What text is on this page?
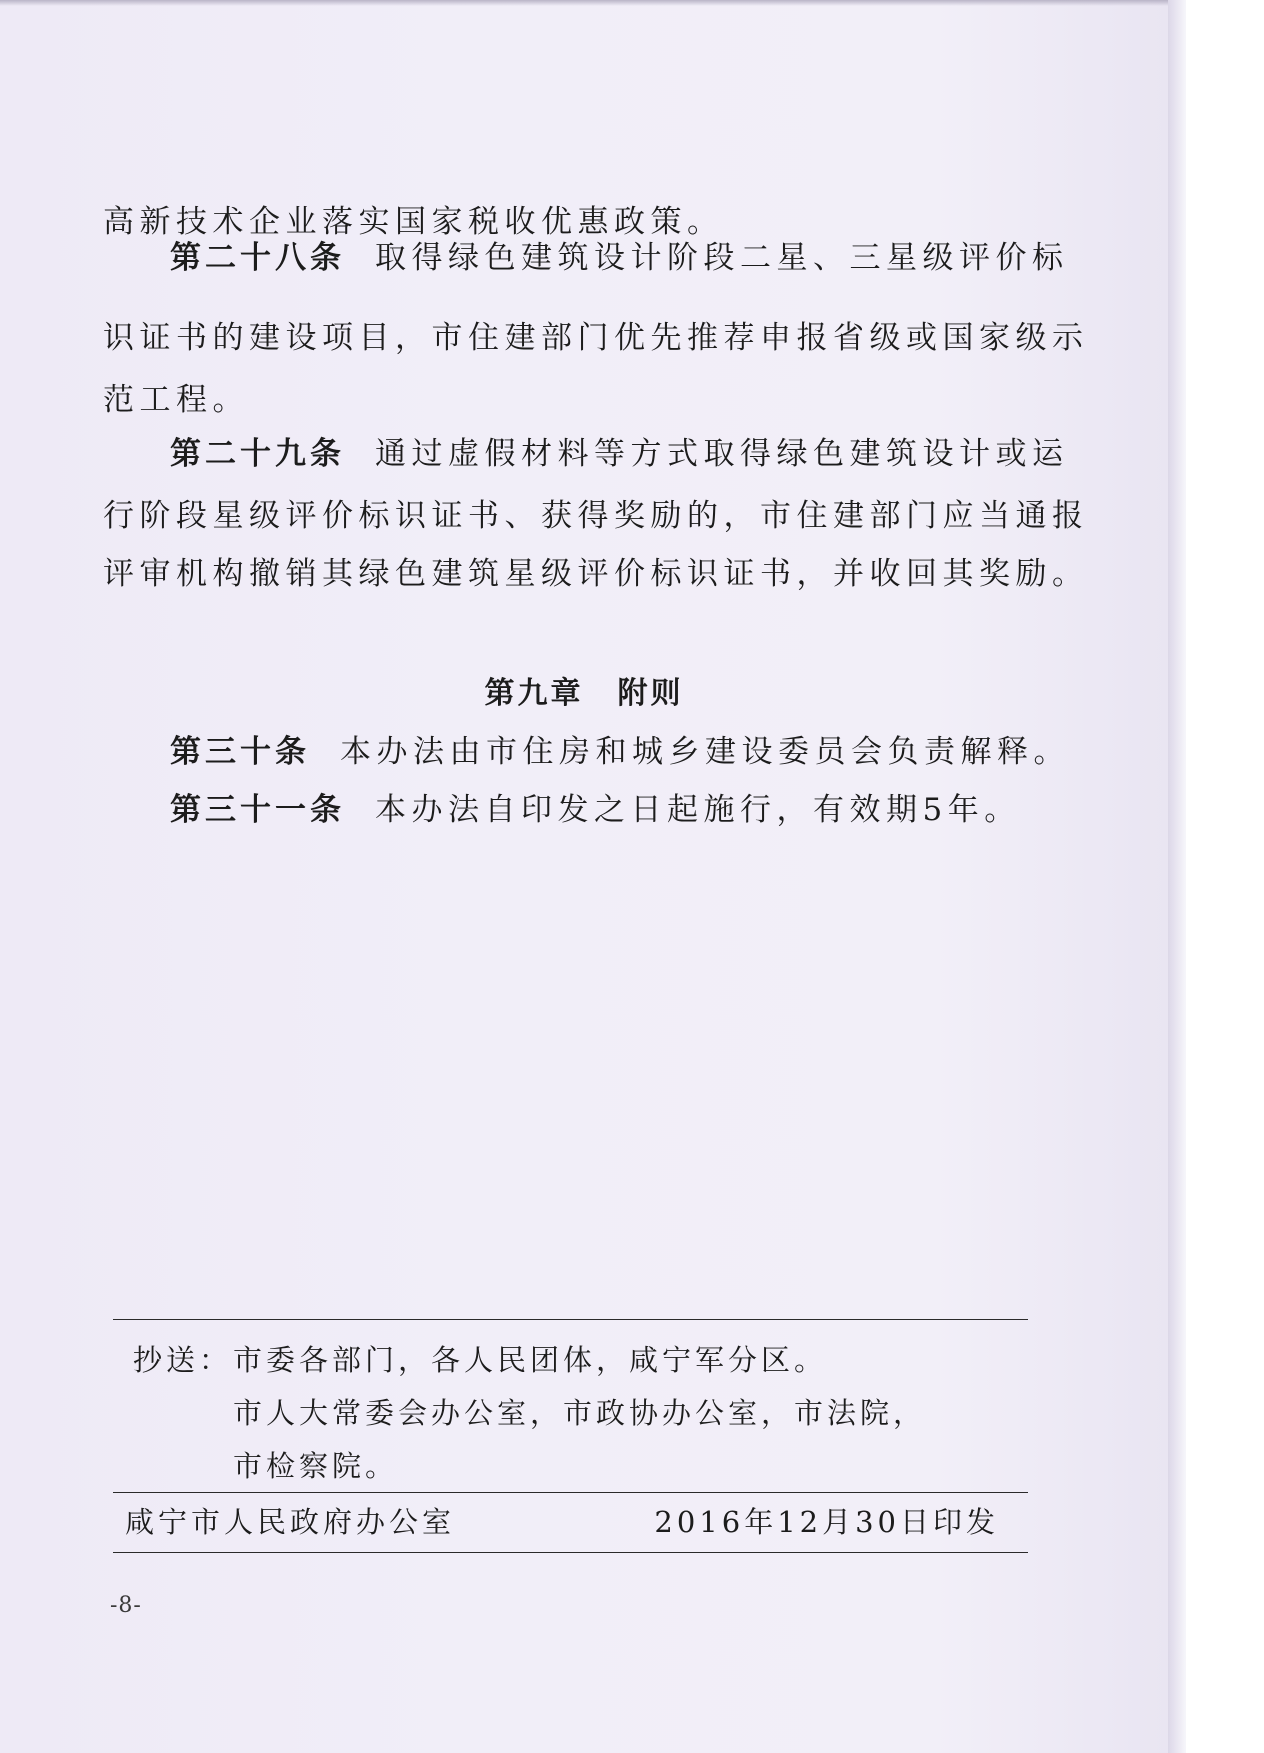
高新技术企业落实国家税收优惠政策。
第二十八条 取得绿色建筑设计阶段二星、三星级评价标
识证书的建设项目，市住建部门优先推荐申报省级或国家级示
范工程。
第二十九条 通过虚假材料等方式取得绿色建筑设计或运
行阶段星级评价标识证书、获得奖励的，市住建部门应当通报
评审机构撤销其绿色建筑星级评价标识证书，并收回其奖励。
第九章 附则
第三十条 本办法由市住房和城乡建设委员会负责解释。
第三十一条 本办法自印发之日起施行，有效期5年。
抄送： 市委各部门，各人民团体，咸宁军分区。
市人大常委会办公室，市政协办公室，市法院，
市检察院。
咸宁市人民政府办公室	2016年12月30日印发
-8-
